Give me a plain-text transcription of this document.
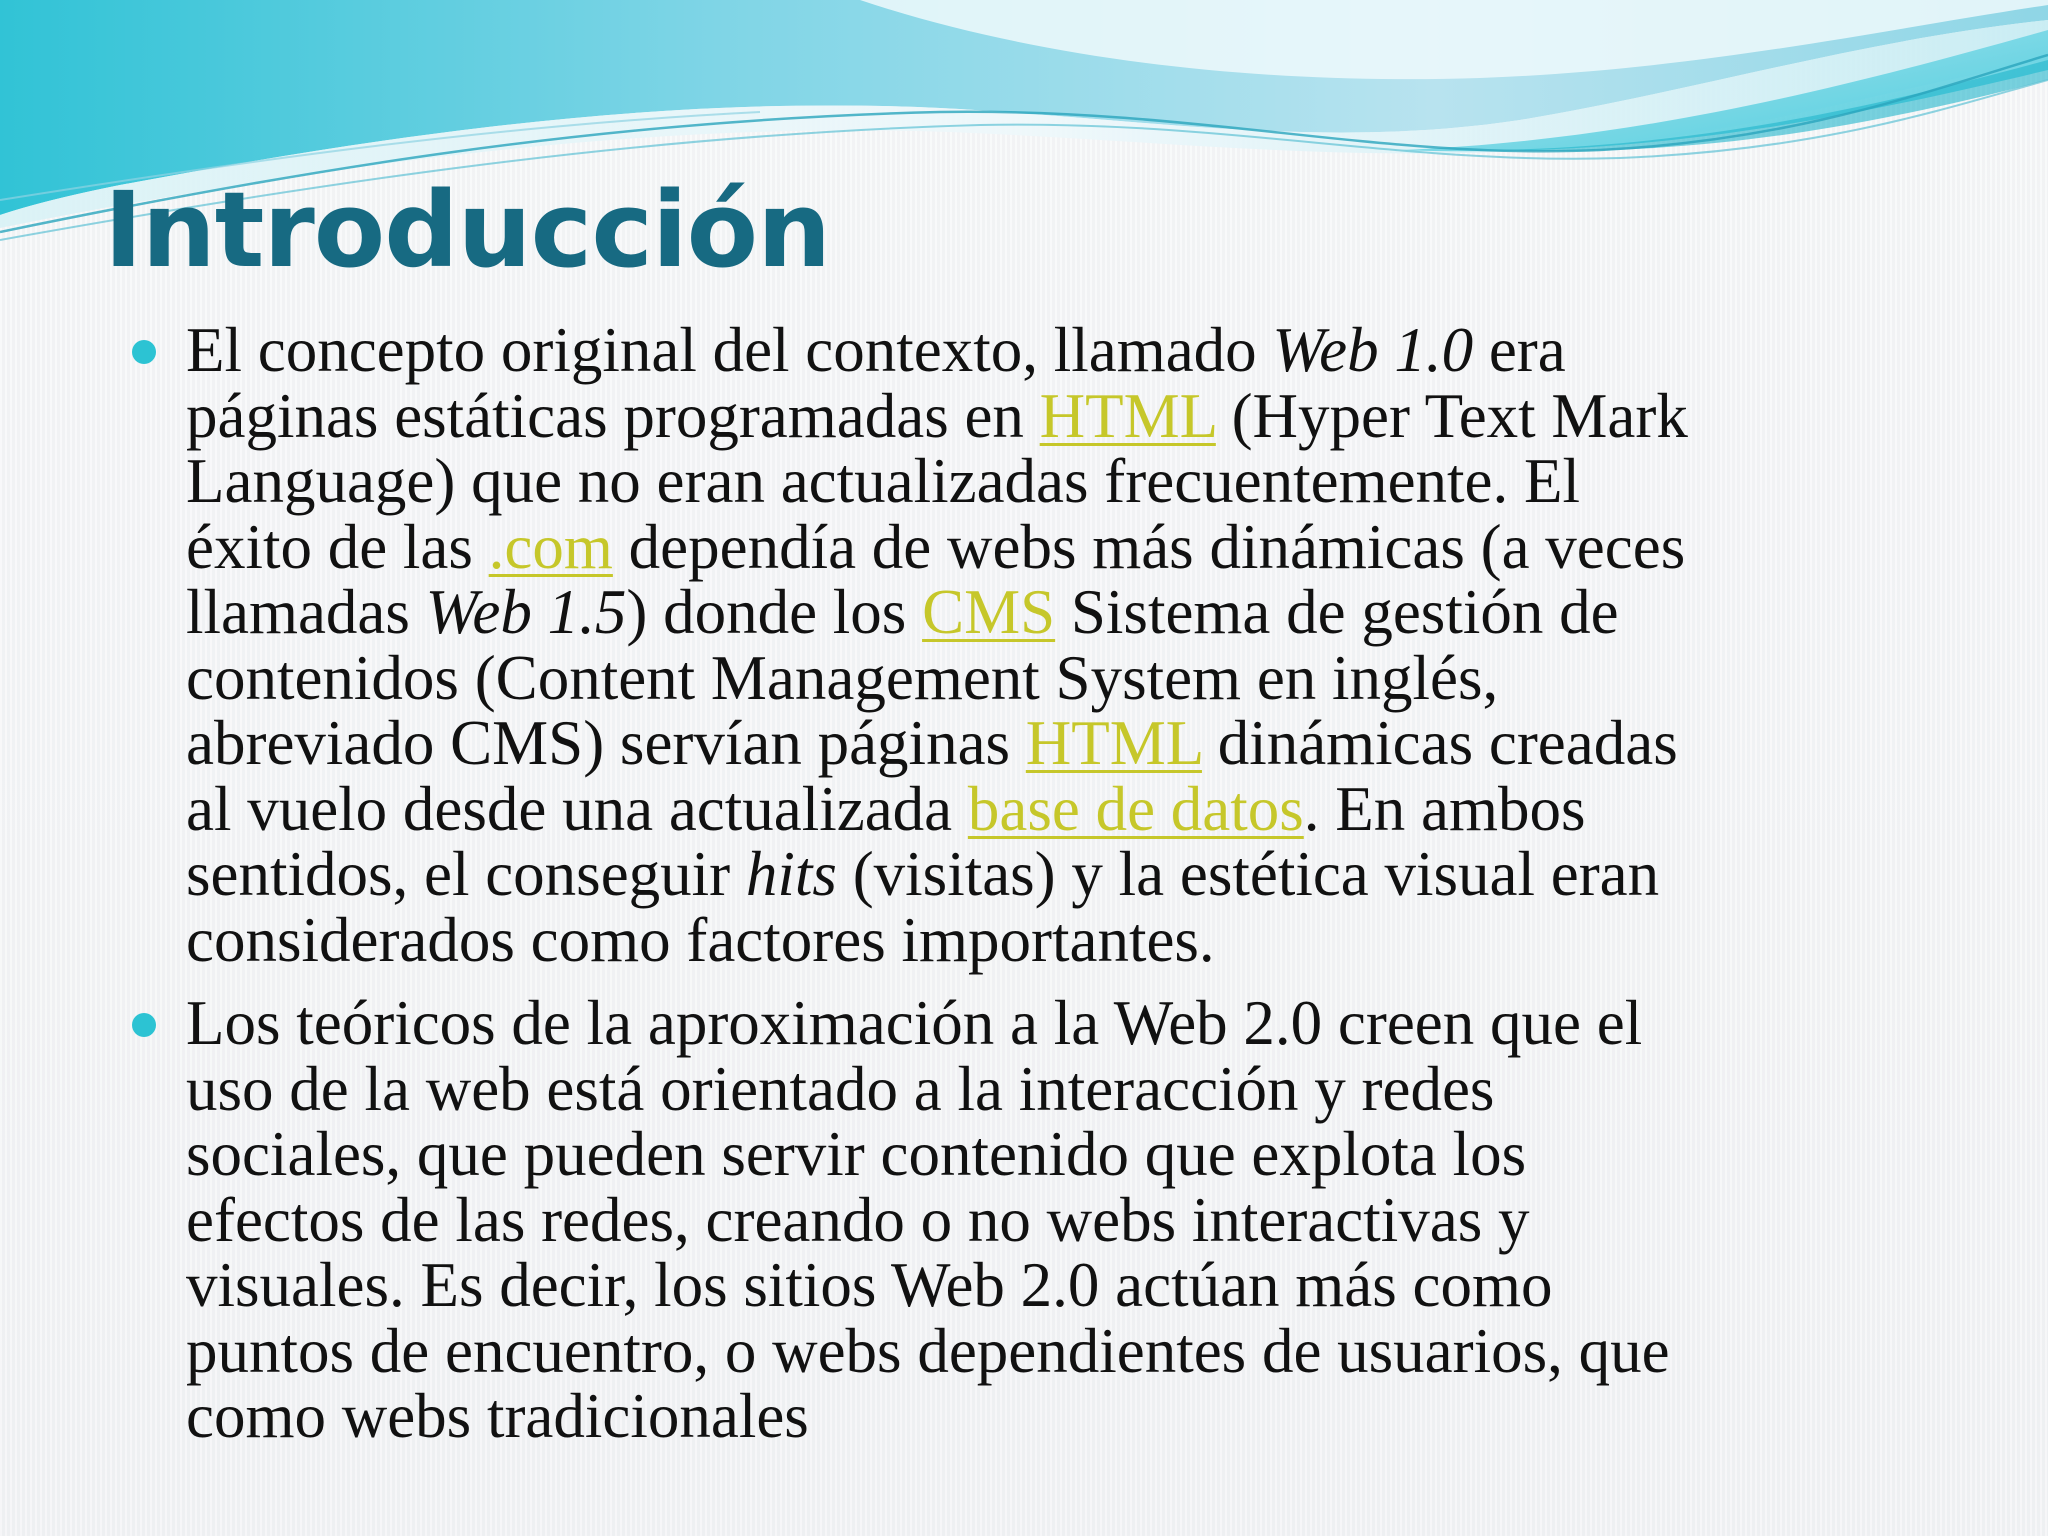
Introducción
El concepto original del contexto, llamado Web 1.0 era
páginas estáticas programadas en HTML (Hyper Text Mark
Language) que no eran actualizadas frecuentemente. El
éxito de las .com dependía de webs más dinámicas (a veces
llamadas Web 1.5) donde los CMS Sistema de gestión de
contenidos (Content Management System en inglés,
abreviado CMS) servían páginas HTML dinámicas creadas
al vuelo desde una actualizada base de datos. En ambos
sentidos, el conseguir hits (visitas) y la estética visual eran
considerados como factores importantes.
Los teóricos de la aproximación a la Web 2.0 creen que el
uso de la web está orientado a la interacción y redes
sociales, que pueden servir contenido que explota los
efectos de las redes, creando o no webs interactivas y
visuales. Es decir, los sitios Web 2.0 actúan más como
puntos de encuentro, o webs dependientes de usuarios, que
como webs tradicionales
